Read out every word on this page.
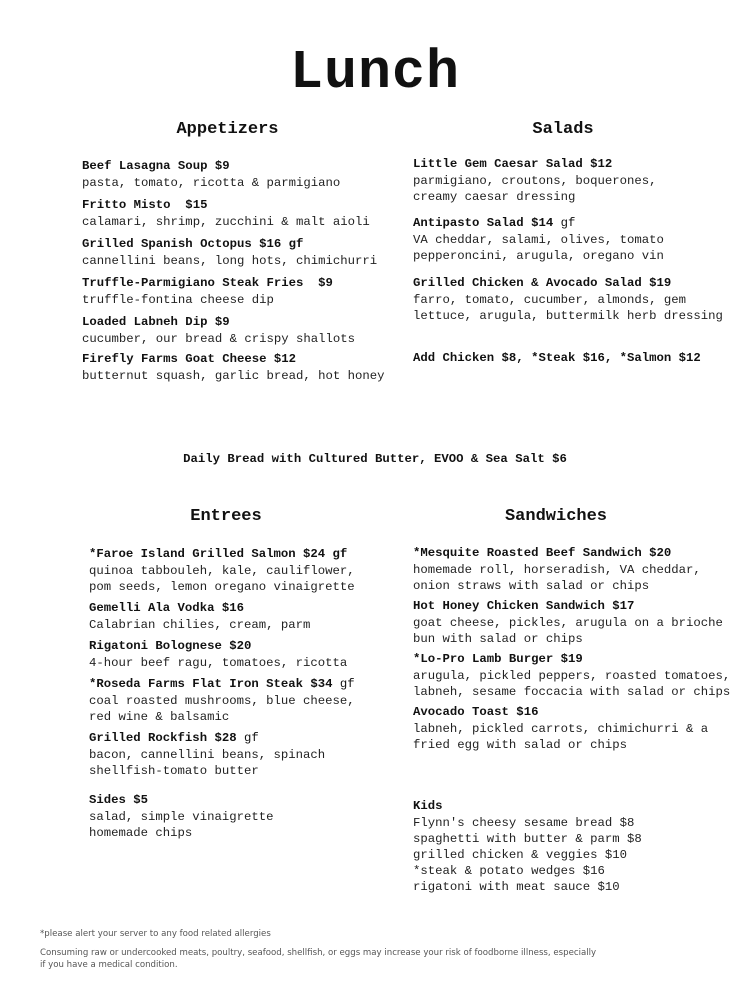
Lunch
Appetizers
Beef Lasagna Soup $9
pasta, tomato, ricotta & parmigiano
Fritto Misto  $15
calamari, shrimp, zucchini & malt aioli
Grilled Spanish Octopus $16 gf
cannellini beans, long hots, chimichurri
Truffle-Parmigiano Steak Fries  $9
truffle-fontina cheese dip
Loaded Labneh Dip $9
cucumber, our bread & crispy shallots
Firefly Farms Goat Cheese $12
butternut squash, garlic bread, hot honey
Salads
Little Gem Caesar Salad $12
parmigiano, croutons, boquerones,
creamy caesar dressing
Antipasto Salad $14 gf
VA cheddar, salami, olives, tomato
pepperoncini, arugula, oregano vin
Grilled Chicken & Avocado Salad $19
farro, tomato, cucumber, almonds, gem
lettuce, arugula, buttermilk herb dressing
Add Chicken $8, *Steak $16, *Salmon $12
Daily Bread with Cultured Butter, EVOO & Sea Salt $6
Entrees
*Faroe Island Grilled Salmon $24 gf
quinoa tabbouleh, kale, cauliflower,
pom seeds, lemon oregano vinaigrette
Gemelli Ala Vodka $16
Calabrian chilies, cream, parm
Rigatoni Bolognese $20
4-hour beef ragu, tomatoes, ricotta
*Roseda Farms Flat Iron Steak $34 gf
coal roasted mushrooms, blue cheese,
red wine & balsamic
Grilled Rockfish $28 gf
bacon, cannellini beans, spinach
shellfish-tomato butter
Sides $5
salad, simple vinaigrette
homemade chips
Sandwiches
*Mesquite Roasted Beef Sandwich $20
homemade roll, horseradish, VA cheddar,
onion straws with salad or chips
Hot Honey Chicken Sandwich $17
goat cheese, pickles, arugula on a brioche
bun with salad or chips
*Lo-Pro Lamb Burger $19
arugula, pickled peppers, roasted tomatoes,
labneh, sesame foccacia with salad or chips
Avocado Toast $16
labneh, pickled carrots, chimichurri & a
fried egg with salad or chips
Kids
Flynn's cheesy sesame bread $8
spaghetti with butter & parm $8
grilled chicken & veggies $10
*steak & potato wedges $16
rigatoni with meat sauce $10
*please alert your server to any food related allergies
Consuming raw or undercooked meats, poultry, seafood, shellfish, or eggs may increase your risk of foodborne illness, especially if you have a medical condition.
